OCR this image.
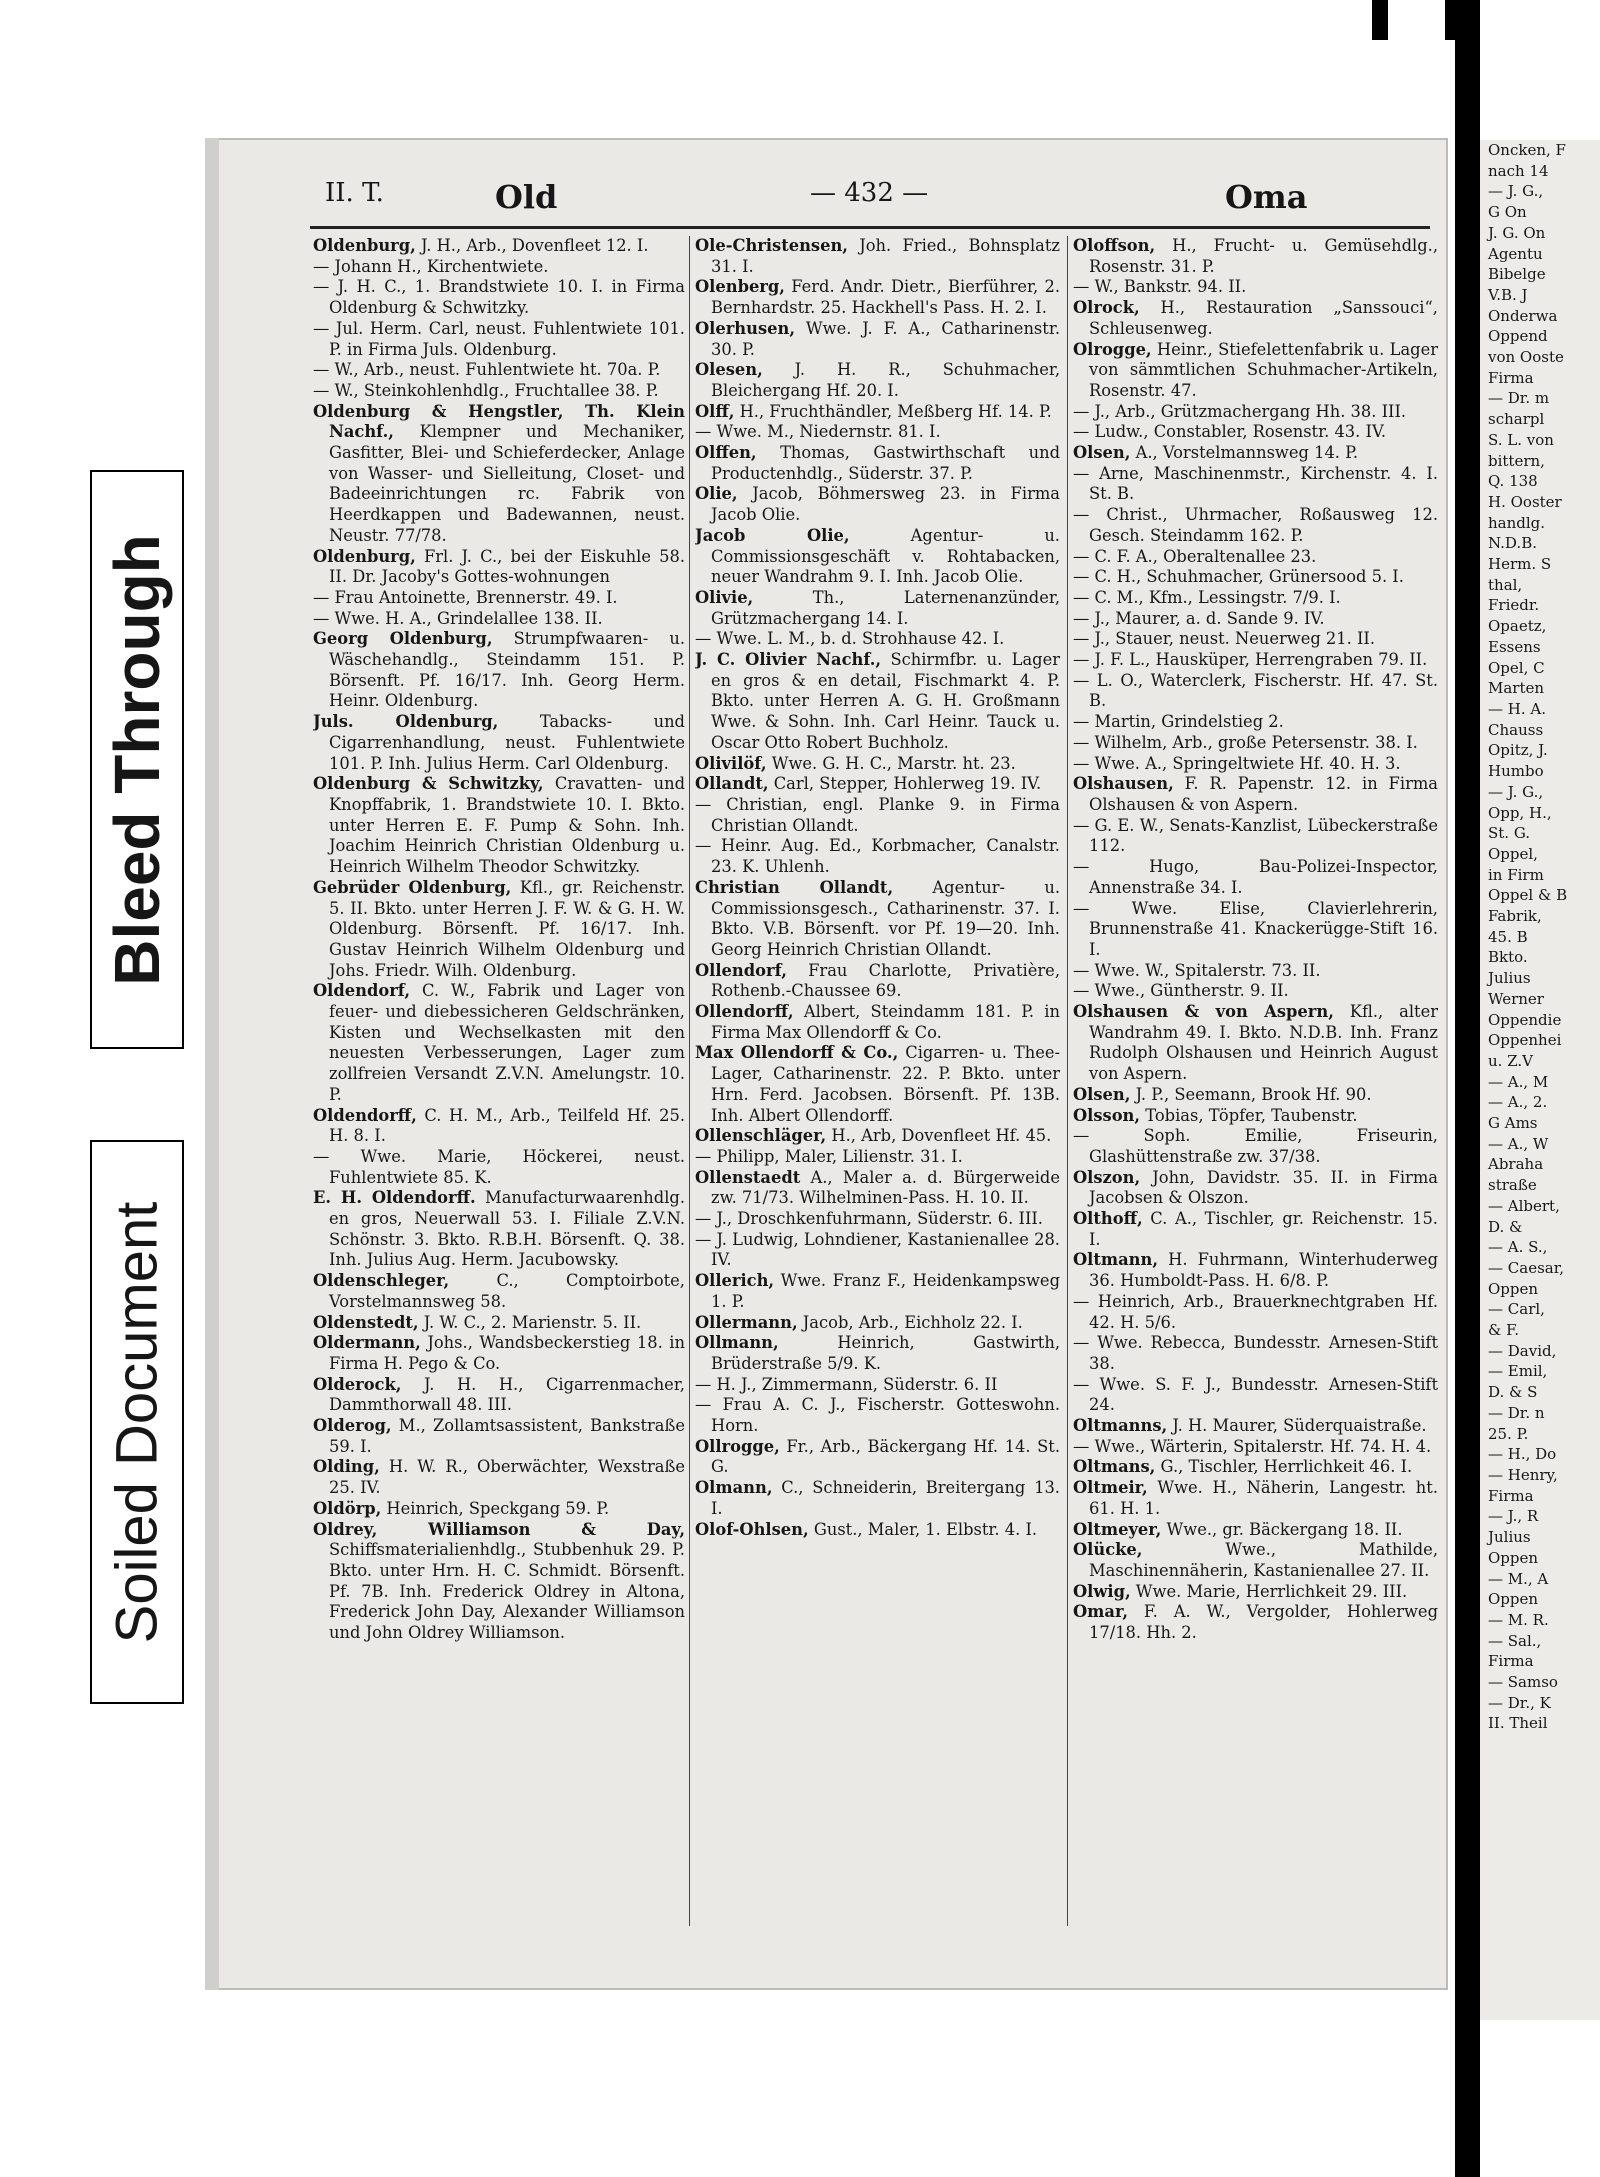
Bleed Through
Soiled Document
II. T.	Old	— 432 —	Oma
Oldenburg, J. H., Arb., Dovenfleet 12. I.
— Johann H., Kirchentwiete.
— J. H. C., 1. Brandstwiete 10. I. in Firma Oldenburg & Schwitzky.
— Jul. Herm. Carl, neust. Fuhlentwiete 101. P. in Firma Juls. Oldenburg.
— W., Arb., neust. Fuhlentwiete ht. 70a. P.
— W., Steinkohlenhdlg., Fruchtallee 38. P.
Oldenburg & Hengstler, Th. Klein Nachf., Klempner und Mechaniker, Gasfitter, Blei- und Schieferdecker, Anlage von Wasser- und Sielleitung, Closet- und Badeeinrichtungen rc. Fabrik von Heerdkappen und Badewannen, neust. Neustr. 77/78.
Oldenburg, Frl. J. C., bei der Eiskuhle 58. II. Dr. Jacoby's Gottes-wohnungen
— Frau Antoinette, Brennerstr. 49. I.
— Wwe. H. A., Grindelallee 138. II.
Georg Oldenburg, Strumpfwaaren- u. Wäschehandlg., Steindamm 151. P. Börsenft. Pf. 16/17. Inh. Georg Herm. Heinr. Oldenburg.
Juls. Oldenburg, Tabacks- und Cigarrenhandlung, neust. Fuhlentwiete 101. P. Inh. Julius Herm. Carl Oldenburg.
Oldenburg & Schwitzky, Cravatten- und Knopffabrik, 1. Brandstwiete 10. I. Bkto. unter Herren E. F. Pump & Sohn. Inh. Joachim Heinrich Christian Oldenburg u. Heinrich Wilhelm Theodor Schwitzky.
Gebrüder Oldenburg, Kfl., gr. Reichenstr. 5. II. Bkto. unter Herren J. F. W. & G. H. W. Oldenburg. Börsenft. Pf. 16/17. Inh. Gustav Heinrich Wilhelm Oldenburg und Johs. Friedr. Wilh. Oldenburg.
Oldendorf, C. W., Fabrik und Lager von feuer- und diebessicheren Geldschränken, Kisten und Wechselkasten mit den neuesten Verbesserungen, Lager zum zollfreien Versandt Z.V.N. Amelungstr. 10. P.
Oldendorff, C. H. M., Arb., Teilfeld Hf. 25. H. 8. I.
— Wwe. Marie, Höckerei, neust. Fuhlentwiete 85. K.
E. H. Oldendorff. Manufacturwaarenhdlg. en gros, Neuerwall 53. I. Filiale Z.V.N. Schönstr. 3. Bkto. R.B.H. Börsenft. Q. 38. Inh. Julius Aug. Herm. Jacubowsky.
Oldenschleger, C., Comptoirbote, Vorstelmannsweg 58.
Oldenstedt, J. W. C., 2. Marienstr. 5. II.
Oldermann, Johs., Wandsbeckerstieg 18. in Firma H. Pego & Co.
Olderock, J. H. H., Cigarrenmacher, Dammthorwall 48. III.
Olderog, M., Zollamtsassistent, Bankstraße 59. I.
Olding, H. W. R., Oberwächter, Wexstraße 25. IV.
Oldörp, Heinrich, Speckgang 59. P.
Oldrey, Williamson & Day, Schiffsmaterialienhdlg., Stubbenhuk 29. P. Bkto. unter Hrn. H. C. Schmidt. Börsenft. Pf. 7B. Inh. Frederick Oldrey in Altona, Frederick John Day, Alexander Williamson und John Oldrey Williamson.
Ole-Christensen, Joh. Fried., Bohnsplatz 31. I.
Olenberg, Ferd. Andr. Dietr., Bierführer, 2. Bernhardstr. 25. Hackhell's Pass. H. 2. I.
Olerhusen, Wwe. J. F. A., Catharinenstr. 30. P.
Olesen, J. H. R., Schuhmacher, Bleichergang Hf. 20. I.
Olff, H., Fruchthändler, Meßberg Hf. 14. P.
— Wwe. M., Niedernstr. 81. I.
Olffen, Thomas, Gastwirthschaft und Productenhdlg., Süderstr. 37. P.
Olie, Jacob, Böhmersweg 23. in Firma Jacob Olie.
Jacob Olie, Agentur- u. Commissionsgeschäft v. Rohtabacken, neuer Wandrahm 9. I. Inh. Jacob Olie.
Olivie, Th., Laternenanzünder, Grützmachergang 14. I.
— Wwe. L. M., b. d. Strohhause 42. I.
J. C. Olivier Nachf., Schirmfbr. u. Lager en gros & en detail, Fischmarkt 4. P. Bkto. unter Herren A. G. H. Großmann Wwe. & Sohn. Inh. Carl Heinr. Tauck u. Oscar Otto Robert Buchholz.
Olivilöf, Wwe. G. H. C., Marstr. ht. 23.
Ollandt, Carl, Stepper, Hohlerweg 19. IV.
— Christian, engl. Planke 9. in Firma Christian Ollandt.
— Heinr. Aug. Ed., Korbmacher, Canalstr. 23. K. Uhlenh.
Christian Ollandt, Agentur- u. Commissionsgesch., Catharinenstr. 37. I. Bkto. V.B. Börsenft. vor Pf. 19—20. Inh. Georg Heinrich Christian Ollandt.
Ollendorf, Frau Charlotte, Privatière, Rothenb.-Chaussee 69.
Ollendorff, Albert, Steindamm 181. P. in Firma Max Ollendorff & Co.
Max Ollendorff & Co., Cigarren- u. Thee-Lager, Catharinenstr. 22. P. Bkto. unter Hrn. Ferd. Jacobsen. Börsenft. Pf. 13B. Inh. Albert Ollendorff.
Ollenschläger, H., Arb, Dovenfleet Hf. 45.
— Philipp, Maler, Lilienstr. 31. I.
Ollenstaedt A., Maler a. d. Bürgerweide zw. 71/73. Wilhelminen-Pass. H. 10. II.
— J., Droschkenfuhrmann, Süderstr. 6. III.
— J. Ludwig, Lohndiener, Kastanienallee 28. IV.
Ollerich, Wwe. Franz F., Heidenkampsweg 1. P.
Ollermann, Jacob, Arb., Eichholz 22. I.
Ollmann, Heinrich, Gastwirth, Brüderstraße 5/9. K.
— H. J., Zimmermann, Süderstr. 6. II
— Frau A. C. J., Fischerstr. Gotteswohn. Horn.
Ollrogge, Fr., Arb., Bäckergang Hf. 14. St. G.
Olmann, C., Schneiderin, Breitergang 13. I.
Olof-Ohlsen, Gust., Maler, 1. Elbstr. 4. I.
Oloffson, H., Frucht- u. Gemüsehdlg., Rosenstr. 31. P.
— W., Bankstr. 94. II.
Olrock, H., Restauration „Sanssouci“, Schleusenweg.
Olrogge, Heinr., Stiefelettenfabrik u. Lager von sämmtlichen Schuhmacher-Artikeln, Rosenstr. 47.
— J., Arb., Grützmachergang Hh. 38. III.
— Ludw., Constabler, Rosenstr. 43. IV.
Olsen, A., Vorstelmannsweg 14. P.
— Arne, Maschinenmstr., Kirchenstr. 4. I. St. B.
— Christ., Uhrmacher, Roßausweg 12. Gesch. Steindamm 162. P.
— C. F. A., Oberaltenallee 23.
— C. H., Schuhmacher, Grünersood 5. I.
— C. M., Kfm., Lessingstr. 7/9. I.
— J., Maurer, a. d. Sande 9. IV.
— J., Stauer, neust. Neuerweg 21. II.
— J. F. L., Hausküper, Herrengraben 79. II.
— L. O., Waterclerk, Fischerstr. Hf. 47. St. B.
— Martin, Grindelstieg 2.
— Wilhelm, Arb., große Petersenstr. 38. I.
— Wwe. A., Springeltwiete Hf. 40. H. 3.
Olshausen, F. R. Papenstr. 12. in Firma Olshausen & von Aspern.
— G. E. W., Senats-Kanzlist, Lübeckerstraße 112.
— Hugo, Bau-Polizei-Inspector, Annenstraße 34. I.
— Wwe. Elise, Clavierlehrerin, Brunnenstraße 41. Knackerügge-Stift 16. I.
— Wwe. W., Spitalerstr. 73. II.
— Wwe., Güntherstr. 9. II.
Olshausen & von Aspern, Kfl., alter Wandrahm 49. I. Bkto. N.D.B. Inh. Franz Rudolph Olshausen und Heinrich August von Aspern.
Olsen, J. P., Seemann, Brook Hf. 90.
Olsson, Tobias, Töpfer, Taubenstr.
— Soph. Emilie, Friseurin, Glashüttenstraße zw. 37/38.
Olszon, John, Davidstr. 35. II. in Firma Jacobsen & Olszon.
Olthoff, C. A., Tischler, gr. Reichenstr. 15. I.
Oltmann, H. Fuhrmann, Winterhuderweg 36. Humboldt-Pass. H. 6/8. P.
— Heinrich, Arb., Brauerknechtgraben Hf. 42. H. 5/6.
— Wwe. Rebecca, Bundesstr. Arnesen-Stift 38.
— Wwe. S. F. J., Bundesstr. Arnesen-Stift 24.
Oltmanns, J. H. Maurer, Süderquaistraße.
— Wwe., Wärterin, Spitalerstr. Hf. 74. H. 4.
Oltmans, G., Tischler, Herrlichkeit 46. I.
Oltmeir, Wwe. H., Näherin, Langestr. ht. 61. H. 1.
Oltmeyer, Wwe., gr. Bäckergang 18. II.
Olücke, Wwe., Mathilde, Maschinennäherin, Kastanienallee 27. II.
Olwig, Wwe. Marie, Herrlichkeit 29. III.
Omar, F. A. W., Vergolder, Hohlerweg 17/18. Hh. 2.
Oncken, F
nach 14
— J. G.,
G On
J. G. On
Agentu
Bibelge
V.B. J
Onderwa
Oppend
von Ooste
Firma
— Dr. m
scharpl
S. L. von
bittern,
Q. 138
H. Ooster
handlg.
N.D.B.
Herm. S
thal,
Friedr.
Opaetz,
Essens
Opel, C
Marten
— H. A.
Chauss
Opitz, J.
Humbo
— J. G.,
Opp, H.,
St. G.
Oppel,
in Firm
Oppel & B
Fabrik,
45. B
Bkto.
Julius
Werner
Oppendie
Oppenhei
u. Z.V
— A., M
— A., 2.
G Ams
— A., W
Abraha
straße
— Albert,
D. &
— A. S.,
— Caesar,
Oppen
— Carl,
& F.
— David,
— Emil,
D. & S
— Dr. n
25. P.
— H., Do
— Henry,
Firma
— J., R
Julius
Oppen
— M., A
Oppen
— M. R.
— Sal.,
Firma
— Samso
— Dr., K
II. Theil
